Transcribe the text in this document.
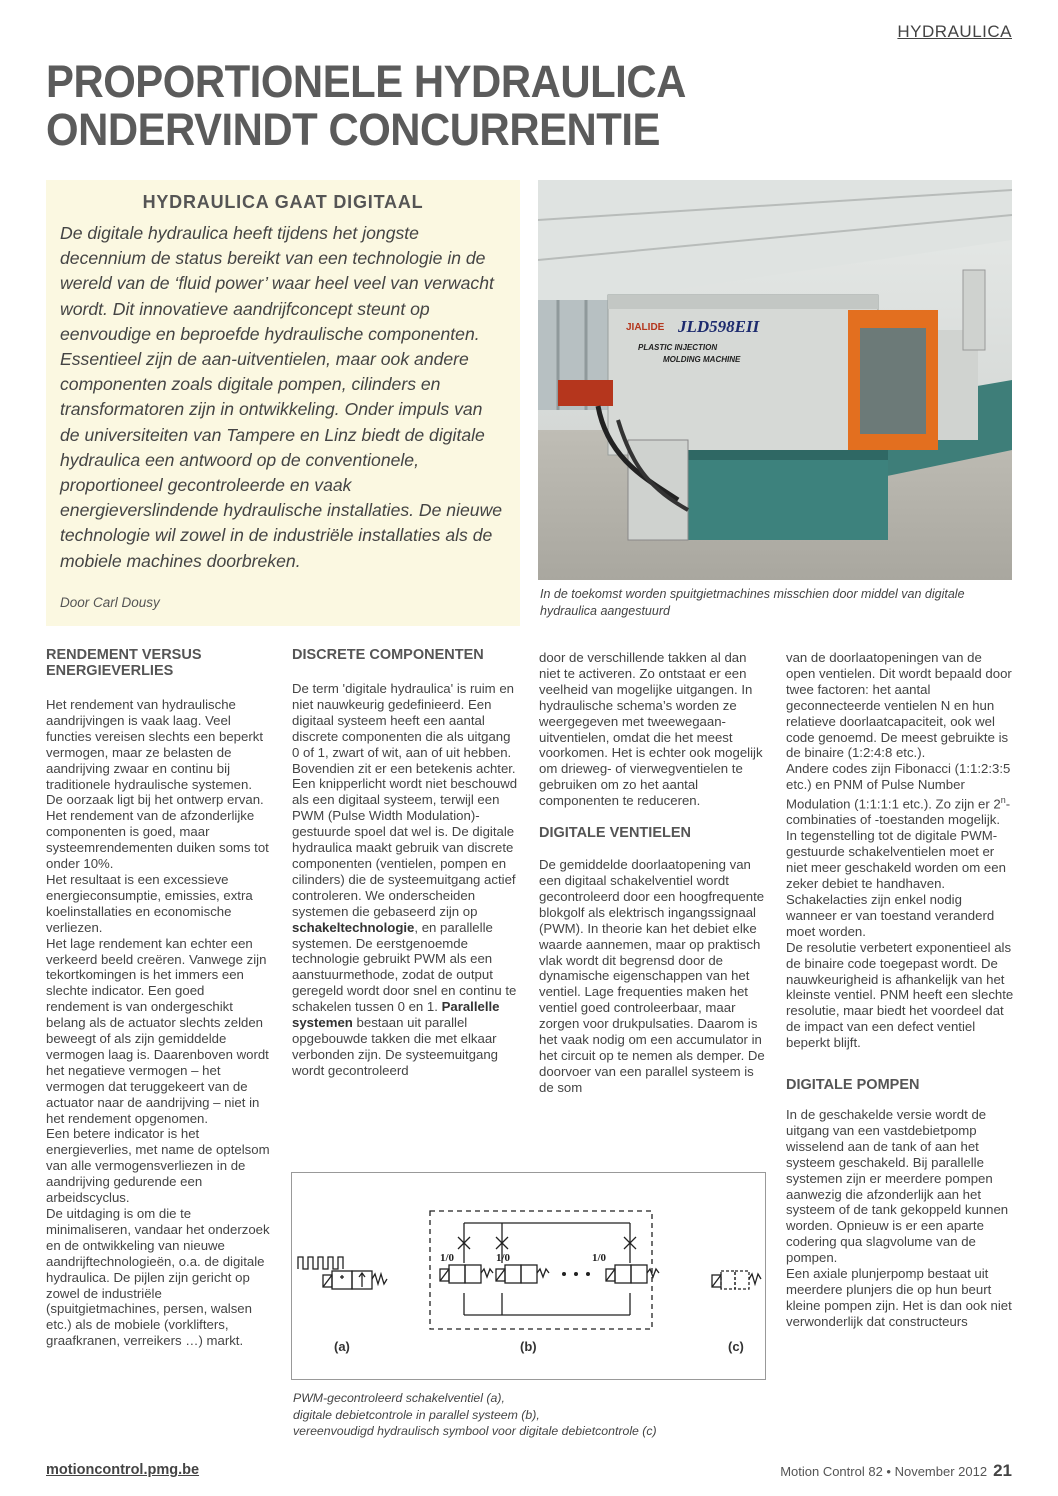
HYDRAULICA
PROPORTIONELE HYDRAULICA
ONDERVINDT CONCURRENTIE
HYDRAULICA GAAT DIGITAAL

De digitale hydraulica heeft tijdens het jongste decennium de status bereikt van een technologie in de wereld van de ‘fluid power’ waar heel veel van verwacht wordt. Dit innovatieve aandrijfconcept steunt op eenvoudige en beproefde hydraulische componenten. Essentieel zijn de aan-uitventielen, maar ook andere componenten zoals digitale pompen, cilinders en transformatoren zijn in ontwikkeling. Onder impuls van de universiteiten van Tampere en Linz biedt de digitale hydraulica een antwoord op de conventionele, proportioneel gecontroleerde en vaak energieverslindende hydraulische installaties. De nieuwe technologie wil zowel in de industriële installaties als de mobiele machines doorbreken.

Door Carl Dousy

JIALIDE JLD598EII
PLASTIC INJECTION
MOLDING MACHINE
In de toekomst worden spuitgietmachines misschien door middel van digitale hydraulica aangestuurd
RENDEMENT VERSUS ENERGIEVERLIES

Het rendement van hydraulische aandrijvingen is vaak laag. Veel functies vereisen slechts een beperkt vermogen, maar ze belasten de aandrijving zwaar en continu bij traditionele hydraulische systemen. De oorzaak ligt bij het ontwerp ervan. Het rendement van de afzonderlijke componenten is goed, maar systeemrendementen duiken soms tot onder 10%.

Het resultaat is een excessieve energieconsumptie, emissies, extra koelinstallaties en economische verliezen.

Het lage rendement kan echter een verkeerd beeld creëren. Vanwege zijn tekortkomingen is het immers een slechte indicator. Een goed rendement is van ondergeschikt belang als de actuator slechts zelden beweegt of als zijn gemiddelde vermogen laag is. Daarenboven wordt het negatieve vermogen – het vermogen dat teruggekeert van de actuator naar de aandrijving – niet in het rendement opgenomen.

Een betere indicator is het energieverlies, met name de optelsom van alle vermogensverliezen in de aandrijving gedurende een arbeidscyclus.

De uitdaging is om die te minimaliseren, vandaar het onderzoek en de ontwikkeling van nieuwe aandrijftechnologieën, o.a. de digitale hydraulica. De pijlen zijn gericht op zowel de industriële (spuitgietmachines, persen, walsen etc.) als de mobiele (vorklifters, graafkranen, verreikers …) markt.

DISCRETE COMPONENTEN

De term 'digitale hydraulica' is ruim en niet nauwkeurig gedefinieerd. Een digitaal systeem heeft een aantal discrete componenten die als uitgang 0 of 1, zwart of wit, aan of uit hebben. Bovendien zit er een betekenis achter. Een knipperlicht wordt niet beschouwd als een digitaal systeem, terwijl een PWM (Pulse Width Modulation)-gestuurde spoel dat wel is. De digitale hydraulica maakt gebruik van discrete componenten (ventielen, pompen en cilinders) die de systeemuitgang actief controleren. We onderscheiden systemen die gebaseerd zijn op schakeltechnologie, en parallelle systemen. De eerstgenoemde technologie gebruikt PWM als een aanstuurmethode, zodat de output geregeld wordt door snel en continu te schakelen tussen 0 en 1. Parallelle systemen bestaan uit parallel opgebouwde takken die met elkaar verbonden zijn. De systeemuitgang wordt gecontroleerd

door de verschillende takken al dan niet te activeren. Zo ontstaat er een veelheid van mogelijke uitgangen. In hydraulische schema’s worden ze weergegeven met tweewegaan-uitventielen, omdat die het meest voorkomen. Het is echter ook mogelijk om drieweg- of vierwegventielen te gebruiken om zo het aantal componenten te reduceren.

DIGITALE VENTIELEN

De gemiddelde doorlaatopening van een digitaal schakelventiel wordt gecontroleerd door een hoogfrequente blokgolf als elektrisch ingangssignaal (PWM). In theorie kan het debiet elke waarde aannemen, maar op praktisch vlak wordt dit begrensd door de dynamische eigenschappen van het ventiel. Lage frequenties maken het ventiel goed controleerbaar, maar zorgen voor drukpulsaties. Daarom is het vaak nodig om een accumulator in het circuit op te nemen als demper. De doorvoer van een parallel systeem is de som

van de doorlaatopeningen van de open ventielen. Dit wordt bepaald door twee factoren: het aantal geconnecteerde ventielen N en hun relatieve doorlaatcapaciteit, ook wel code genoemd. De meest gebruikte is de binaire (1:2:4:8 etc.).

Andere codes zijn Fibonacci (1:1:2:3:5 etc.) en PNM of Pulse Number Modulation (1:1:1:1 etc.). Zo zijn er 2$^n$-combinaties of -toestanden mogelijk.

In tegenstelling tot de digitale PWM-gestuurde schakelventielen moet er niet meer geschakeld worden om een zeker debiet te handhaven. Schakelacties zijn enkel nodig wanneer er van toestand veranderd moet worden.

De resolutie verbetert exponentieel als de binaire code toegepast wordt. De nauwkeurigheid is afhankelijk van het kleinste ventiel. PNM heeft een slechte resolutie, maar biedt het voordeel dat de impact van een defect ventiel beperkt blijft.

DIGITALE POMPEN

In de geschakelde versie wordt de uitgang van een vastdebietpomp wisselend aan de tank of aan het systeem geschakeld. Bij parallelle systemen zijn er meerdere pompen aanwezig die afzonderlijk aan het systeem of de tank gekoppeld kunnen worden. Opnieuw is er een aparte codering qua slagvolume van de pompen.

Een axiale plunjerpomp bestaat uit meerdere plunjers die op hun beurt kleine pompen zijn. Het is dan ook niet verwonderlijk dat constructeurs

1/0	1/0	1/0
(a)	(b)	(c)
PWM-gecontroleerd schakelventiel (a),
digitale debietcontrole in parallel systeem (b),
vereenvoudigd hydraulisch symbool voor digitale debietcontrole (c)
motioncontrol.pmg.be	Motion Control 82 • November 2012 21
